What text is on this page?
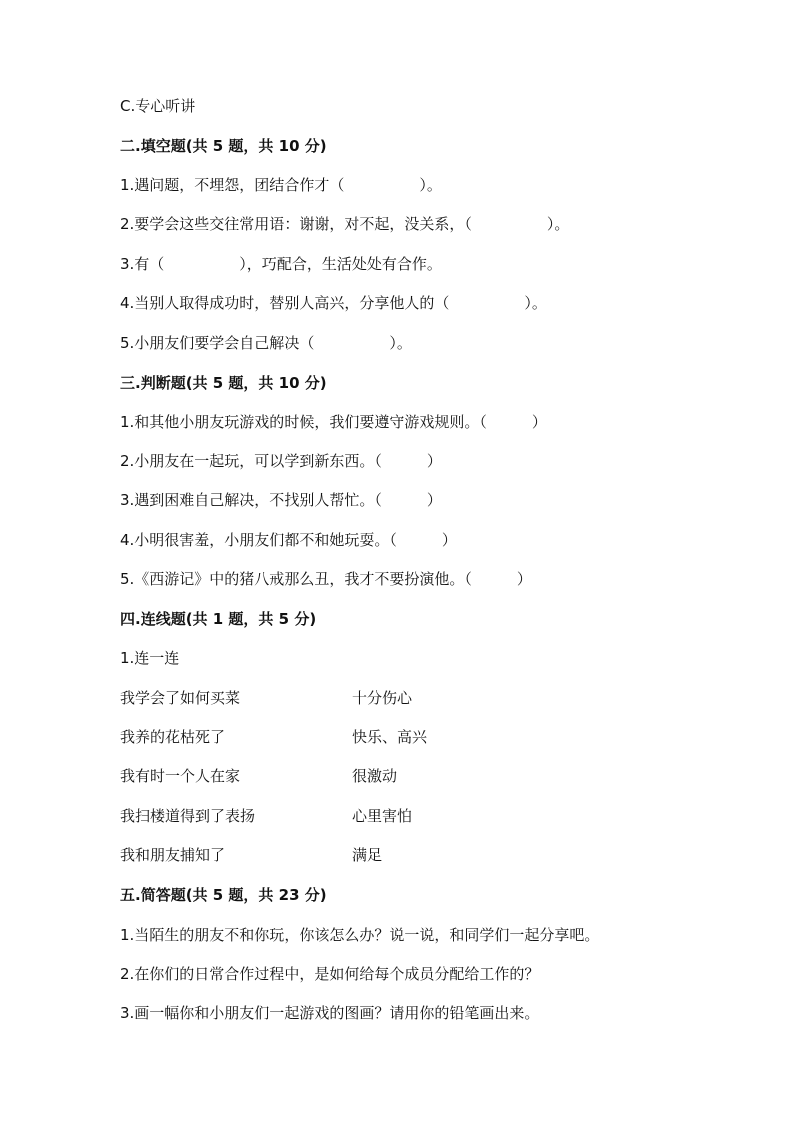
C.专心听讲
二.填空题(共 5 题，共 10 分)
1.遇问题，不埋怨，团结合作才（　　　　　）。
2.要学会这些交往常用语：谢谢，对不起，没关系，（　　　　　）。
3.有（　　　　　），巧配合，生活处处有合作。
4.当别人取得成功时，替别人高兴，分享他人的（　　　　　）。
5.小朋友们要学会自己解决（　　　　　）。
三.判断题(共 5 题，共 10 分)
1.和其他小朋友玩游戏的时候，我们要遵守游戏规则。（　　　）
2.小朋友在一起玩，可以学到新东西。（　　　）
3.遇到困难自己解决，不找别人帮忙。（　　　）
4.小明很害羞，小朋友们都不和她玩耍。（　　　）
5.《西游记》中的猪八戒那么丑，我才不要扮演他。（　　　）
四.连线题(共 1 题，共 5 分)
1.连一连
我学会了如何买菜	十分伤心
我养的花枯死了	快乐、高兴
我有时一个人在家	很激动
我扫楼道得到了表扬	心里害怕
我和朋友捕知了	满足
五.简答题(共 5 题，共 23 分)
1.当陌生的朋友不和你玩，你该怎么办？说一说，和同学们一起分享吧。
2.在你们的日常合作过程中，是如何给每个成员分配给工作的？
3.画一幅你和小朋友们一起游戏的图画？请用你的铅笔画出来。
